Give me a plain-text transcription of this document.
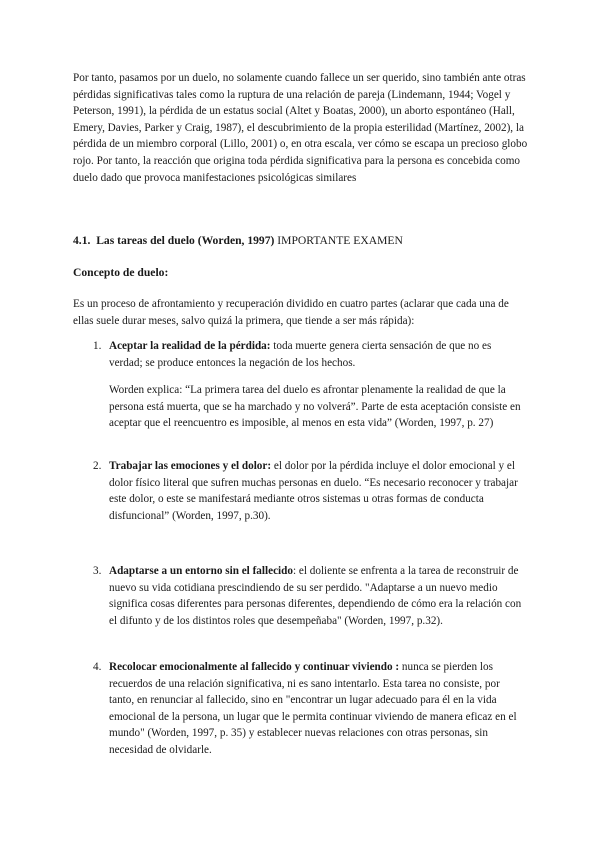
Por tanto, pasamos por un duelo, no solamente cuando fallece un ser querido, sino también ante otras pérdidas significativas tales como la ruptura de una relación de pareja (Lindemann, 1944; Vogel y Peterson, 1991), la pérdida de un estatus social (Altet y Boatas, 2000), un aborto espontáneo (Hall, Emery, Davies, Parker y Craig, 1987), el descubrimiento de la propia esterilidad (Martínez, 2002), la pérdida de un miembro corporal (Lillo, 2001) o, en otra escala, ver cómo se escapa un precioso globo rojo. Por tanto, la reacción que origina toda pérdida significativa para la persona es concebida como duelo dado que provoca manifestaciones psicológicas similares

4.1. Las tareas del duelo (Worden, 1997) IMPORTANTE EXAMEN

Concepto de duelo:

Es un proceso de afrontamiento y recuperación dividido en cuatro partes (aclarar que cada una de ellas suele durar meses, salvo quizá la primera, que tiende a ser más rápida):

1. Aceptar la realidad de la pérdida: toda muerte genera cierta sensación de que no es verdad; se produce entonces la negación de los hechos.

Worden explica: “La primera tarea del duelo es afrontar plenamente la realidad de que la persona está muerta, que se ha marchado y no volverá”. Parte de esta aceptación consiste en aceptar que el reencuentro es imposible, al menos en esta vida” (Worden, 1997, p. 27)

2. Trabajar las emociones y el dolor: el dolor por la pérdida incluye el dolor emocional y el dolor físico literal que sufren muchas personas en duelo. “Es necesario reconocer y trabajar este dolor, o este se manifestará mediante otros sistemas u otras formas de conducta disfuncional” (Worden, 1997, p.30).

3. Adaptarse a un entorno sin el fallecido: el doliente se enfrenta a la tarea de reconstruir de nuevo su vida cotidiana prescindiendo de su ser perdido. "Adaptarse a un nuevo medio significa cosas diferentes para personas diferentes, dependiendo de cómo era la relación con el difunto y de los distintos roles que desempeñaba" (Worden, 1997, p.32).

4. Recolocar emocionalmente al fallecido y continuar viviendo : nunca se pierden los recuerdos de una relación significativa, ni es sano intentarlo. Esta tarea no consiste, por tanto, en renunciar al fallecido, sino en "encontrar un lugar adecuado para él en la vida emocional de la persona, un lugar que le permita continuar viviendo de manera eficaz en el mundo" (Worden, 1997, p. 35) y establecer nuevas relaciones con otras personas, sin necesidad de olvidarle.
